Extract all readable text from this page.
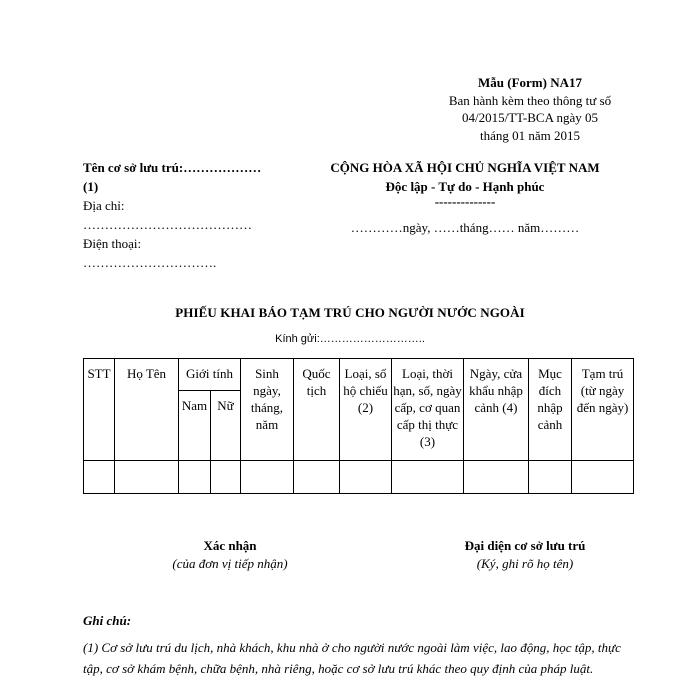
Mẫu (Form) NA17
Ban hành kèm theo thông tư số
04/2015/TT-BCA ngày 05
tháng 01 năm 2015
Tên cơ sở lưu trú:………………
(1)
Địa chỉ:
…………………………………
Điện thoại:
………………………….
CỘNG HÒA XÃ HỘI CHỦ NGHĨA VIỆT NAM
Độc lập - Tự do - Hạnh phúc
--------------
…………ngày, ……tháng…… năm………
PHIẾU KHAI BÁO TẠM TRÚ CHO NGƯỜI NƯỚC NGOÀI
Kính gửi:………………………..
STT	Họ Tên	Giới tính		Sinh ngày, tháng, năm	Quốc tịch	Loại, số hộ chiếu (2)	Loại, thời hạn, số, ngày cấp, cơ quan cấp thị thực (3)	Ngày, cửa khẩu nhập cảnh (4)	Mục đích nhập cảnh	Tạm trú (từ ngày đến ngày)
		Nam	Nữ							

Xác nhận
(của đơn vị tiếp nhận)
Đại diện cơ sở lưu trú
(Ký, ghi rõ họ tên)
Ghi chú:
(1) Cơ sở lưu trú du lịch, nhà khách, khu nhà ở cho người nước ngoài làm việc, lao động, học tập, thực tập, cơ sở khám bệnh, chữa bệnh, nhà riêng, hoặc cơ sở lưu trú khác theo quy định của pháp luật.
